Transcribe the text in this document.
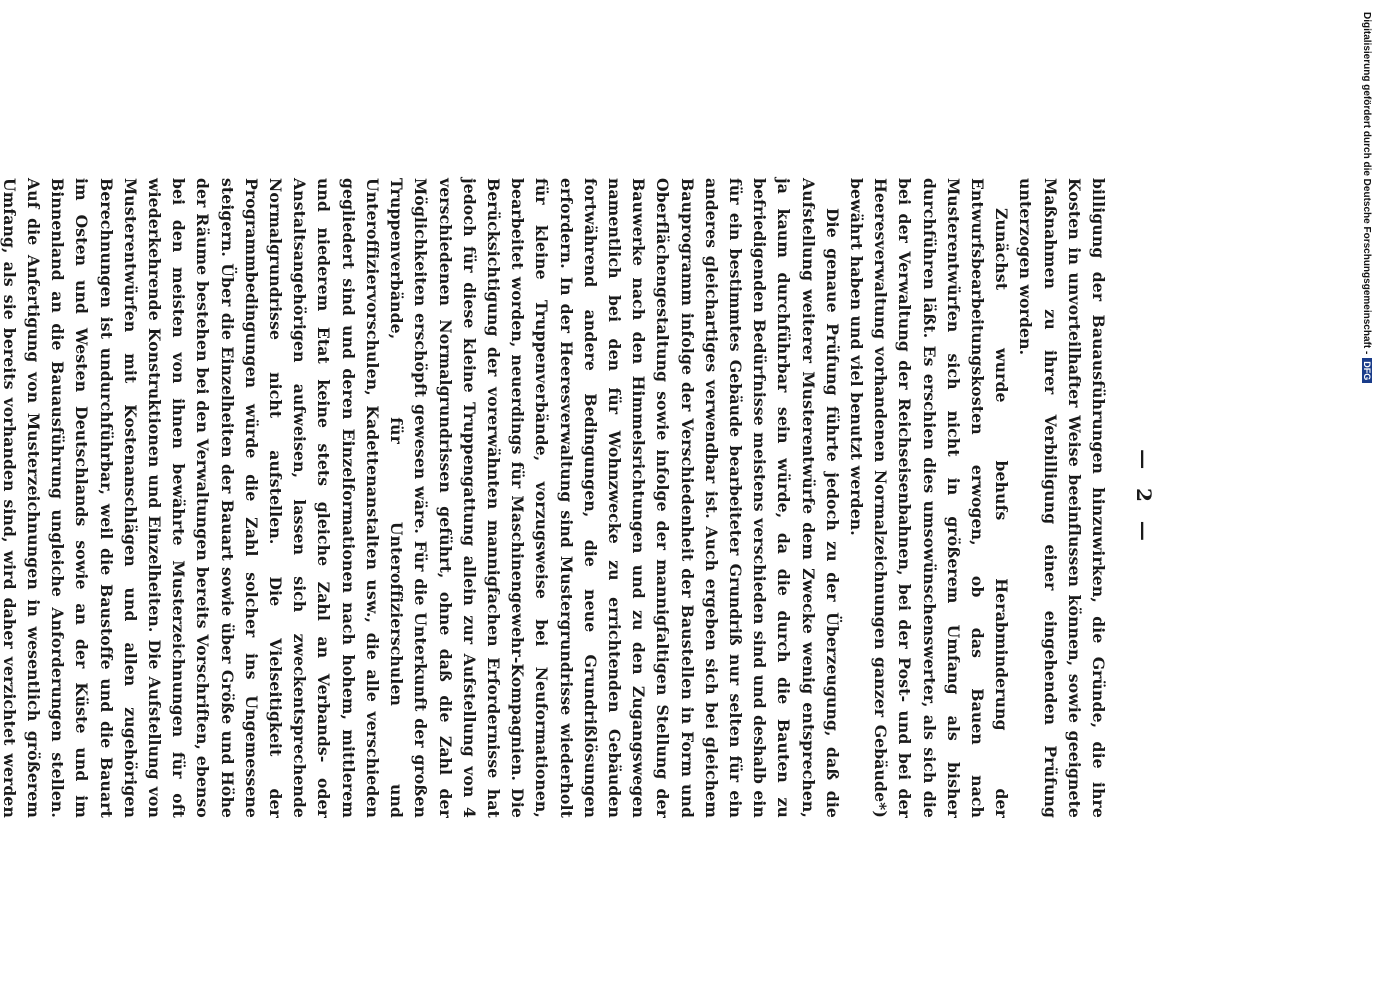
— 2 —

billigung der Bauausführungen hinzuwirken, die Gründe, die ihre Kosten in unvorteilhafter Weise beeinflussen können, sowie geeignete Maßnahmen zu ihrer Verbilligung einer eingehenden Prüfung unterzogen worden.

Zunächst wurde behufs Herabminderung der Entwurfsbearbeitungskosten erwogen, ob das Bauen nach Musterentwürfen sich nicht in größerem Umfang als bisher durchführen läßt. Es erschien dies umsowünschenswerter, als sich die bei der Verwaltung der Reichseisenbahnen, bei der Post- und bei der Heeresverwaltung vorhandenen Normalzeichnungen ganzer Gebäude*) bewährt haben und viel benutzt werden.

Die genaue Prüfung führte jedoch zu der Überzeugung, daß die Aufstellung weiterer Musterentwürfe dem Zwecke wenig entsprechen, ja kaum durchführbar sein würde, da die durch die Bauten zu befriedigenden Bedürfnisse meistens verschieden sind und deshalb ein für ein bestimmtes Gebäude bearbeiteter Grundriß nur selten für ein anderes gleichartiges verwendbar ist. Auch ergeben sich bei gleichem Bauprogramm infolge der Verschiedenheit der Baustellen in Form und Oberflächengestaltung sowie infolge der mannigfaltigen Stellung der Bauwerke nach den Himmelsrichtungen und zu den Zugangswegen namentlich bei den für Wohnzwecke zu errichtenden Gebäuden fortwährend andere Bedingungen, die neue Grundrißlösungen erfordern. In der Heeresverwaltung sind Mustergrundrisse wiederholt für kleine Truppenverbände, vorzugsweise bei Neuformationen, bearbeitet worden, neuerdings für Maschinengewehr-Kompagnien. Die Berücksichtigung der vorerwähnten mannigfachen Erfordernisse hat jedoch für diese kleine Truppengattung allein zur Aufstellung von 4 verschiedenen Normalgrundrissen geführt, ohne daß die Zahl der Möglichkeiten erschöpft gewesen wäre. Für die Unterkunft der großen Truppenverbände, für Unteroffizierschulen und Unteroffiziervorschulen, Kadettenanstalten usw., die alle verschieden gegliedert sind und deren Einzelformationen nach hohem, mittlerem und niederem Etat keine stets gleiche Zahl an Verbands- oder Anstaltsangehörigen aufweisen, lassen sich zweckentsprechende Normalgrundrisse nicht aufstellen. Die Vielseitigkeit der Programmbedingungen würde die Zahl solcher ins Ungemessene steigern. Über die Einzelheiten der Bauart sowie über Größe und Höhe der Räume bestehen bei den Verwaltungen bereits Vorschriften, ebenso bei den meisten von ihnen bewährte Musterzeichnungen für oft wiederkehrende Konstruktionen und Einzelheiten. Die Aufstellung von Musterentwürfen mit Kostenanschlägen und allen zugehörigen Berechnungen ist undurchführbar, weil die Baustoffe und die Bauart im Osten und Westen Deutschlands sowie an der Küste und im Binnenland an die Bauausführung ungleiche Anforderungen stellen. Auf die Anfertigung von Musterzeichnungen in wesentlich größerem Umfang, als sie bereits vorhanden sind, wird daher verzichtet werden

Digitalisierung gefördert durch die Deutsche Forschungsgemeinschaft -DFG
